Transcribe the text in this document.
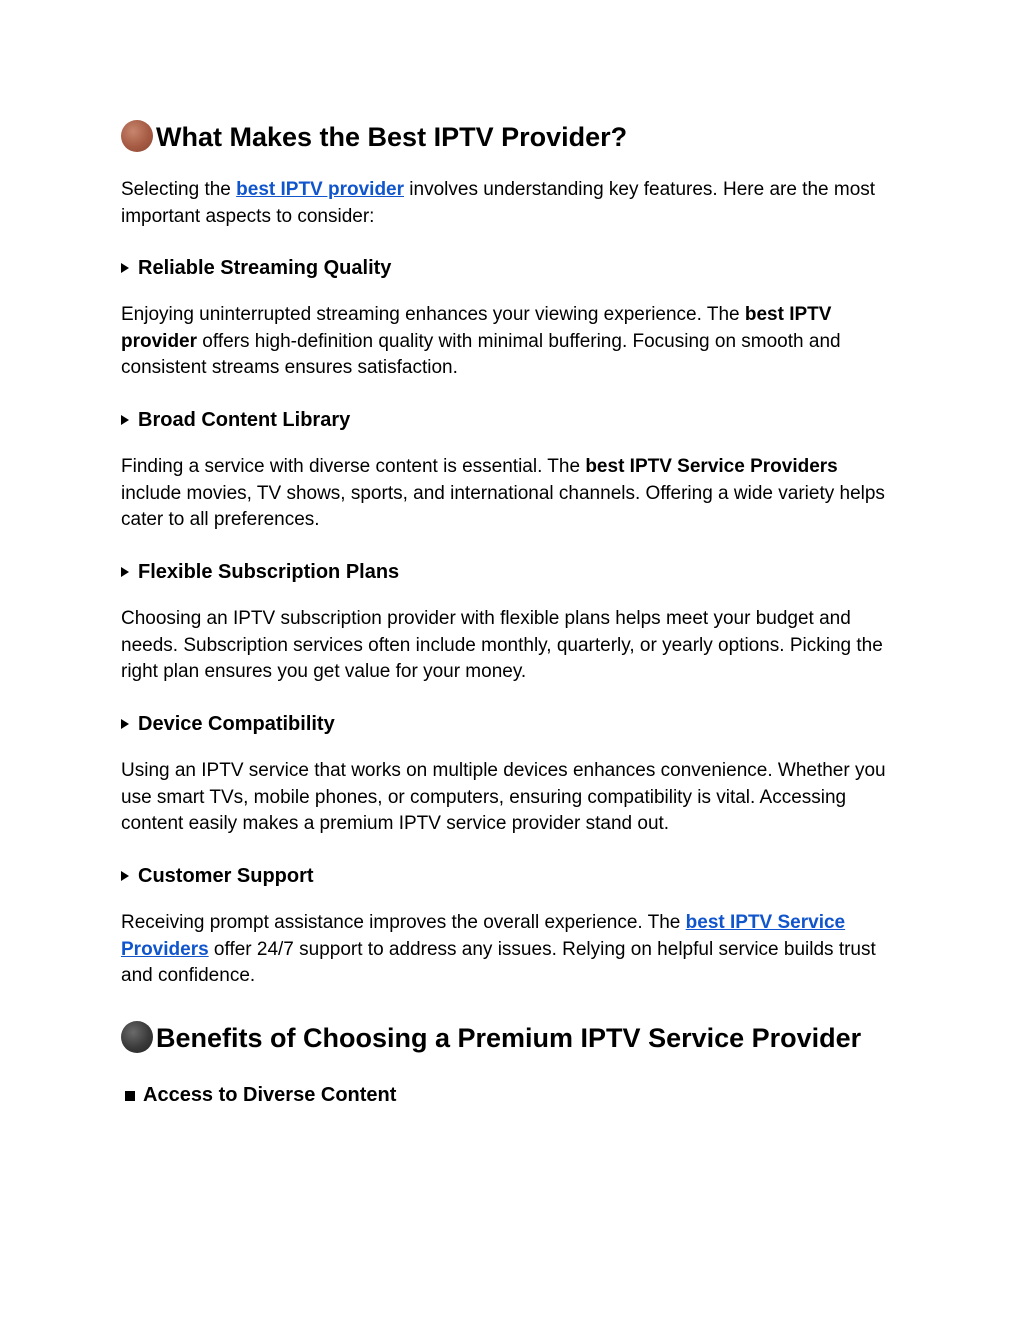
What Makes the Best IPTV Provider?
Selecting the best IPTV provider involves understanding key features. Here are the most important aspects to consider:
Reliable Streaming Quality
Enjoying uninterrupted streaming enhances your viewing experience. The best IPTV provider offers high-definition quality with minimal buffering. Focusing on smooth and consistent streams ensures satisfaction.
Broad Content Library
Finding a service with diverse content is essential. The best IPTV Service Providers include movies, TV shows, sports, and international channels. Offering a wide variety helps cater to all preferences.
Flexible Subscription Plans
Choosing an IPTV subscription provider with flexible plans helps meet your budget and needs. Subscription services often include monthly, quarterly, or yearly options. Picking the right plan ensures you get value for your money.
Device Compatibility
Using an IPTV service that works on multiple devices enhances convenience. Whether you use smart TVs, mobile phones, or computers, ensuring compatibility is vital. Accessing content easily makes a premium IPTV service provider stand out.
Customer Support
Receiving prompt assistance improves the overall experience. The best IPTV Service Providers offer 24/7 support to address any issues. Relying on helpful service builds trust and confidence.
Benefits of Choosing a Premium IPTV Service Provider
Access to Diverse Content
